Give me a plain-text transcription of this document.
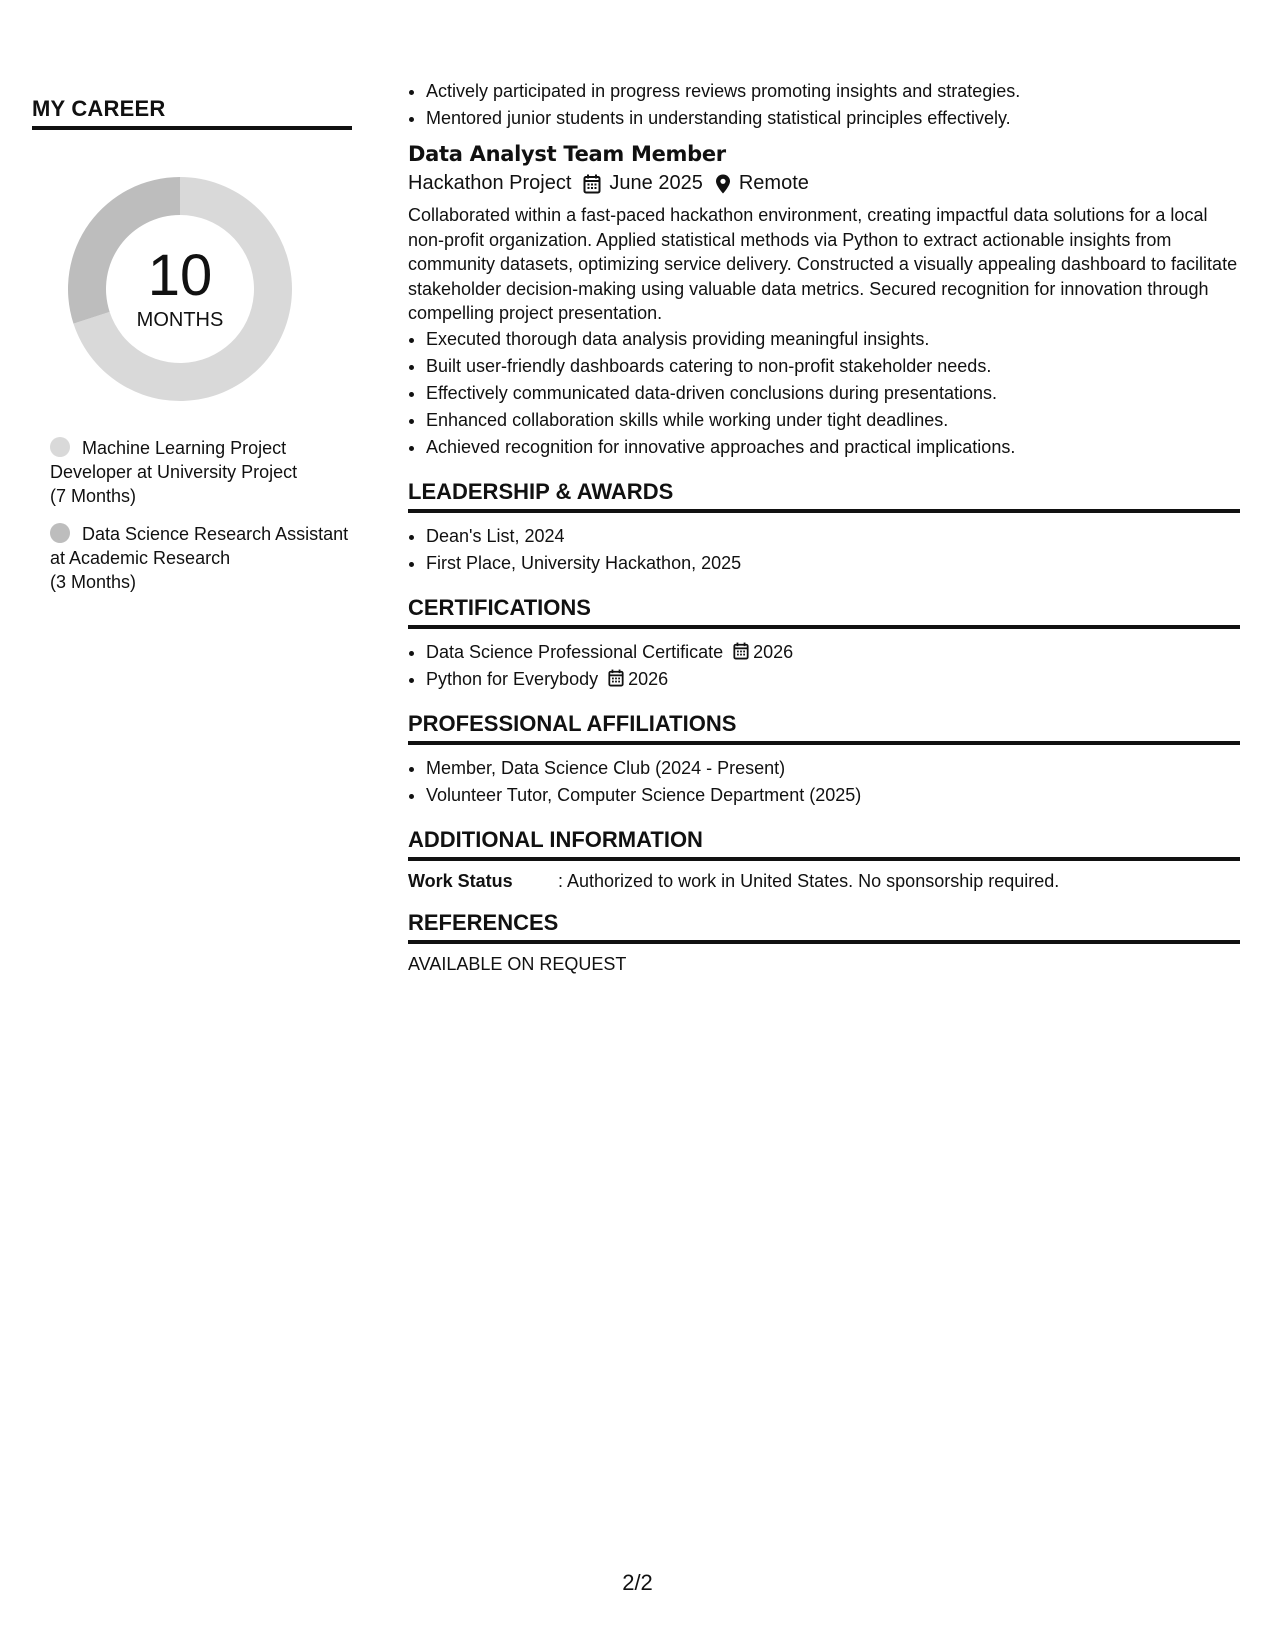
MY CAREER
10
MONTHS
Machine Learning Project Developer at University Project
(7 Months)
Data Science Research Assistant at Academic Research
(3 Months)
• Actively participated in progress reviews promoting insights and strategies.
• Mentored junior students in understanding statistical principles effectively.
Data Analyst Team Member
Hackathon Project June 2025 Remote
Collaborated within a fast-paced hackathon environment, creating impactful data solutions for a local non-profit organization. Applied statistical methods via Python to extract actionable insights from community datasets, optimizing service delivery. Constructed a visually appealing dashboard to facilitate stakeholder decision-making using valuable data metrics. Secured recognition for innovation through compelling project presentation.
• Executed thorough data analysis providing meaningful insights.
• Built user-friendly dashboards catering to non-profit stakeholder needs.
• Effectively communicated data-driven conclusions during presentations.
• Enhanced collaboration skills while working under tight deadlines.
• Achieved recognition for innovative approaches and practical implications.
LEADERSHIP & AWARDS
• Dean's List, 2024
• First Place, University Hackathon, 2025
CERTIFICATIONS
• Data Science Professional Certificate 2026
• Python for Everybody 2026
PROFESSIONAL AFFILIATIONS
• Member, Data Science Club (2024 - Present)
• Volunteer Tutor, Computer Science Department (2025)
ADDITIONAL INFORMATION
Work Status	: Authorized to work in United States. No sponsorship required.
REFERENCES
AVAILABLE ON REQUEST
2/2
